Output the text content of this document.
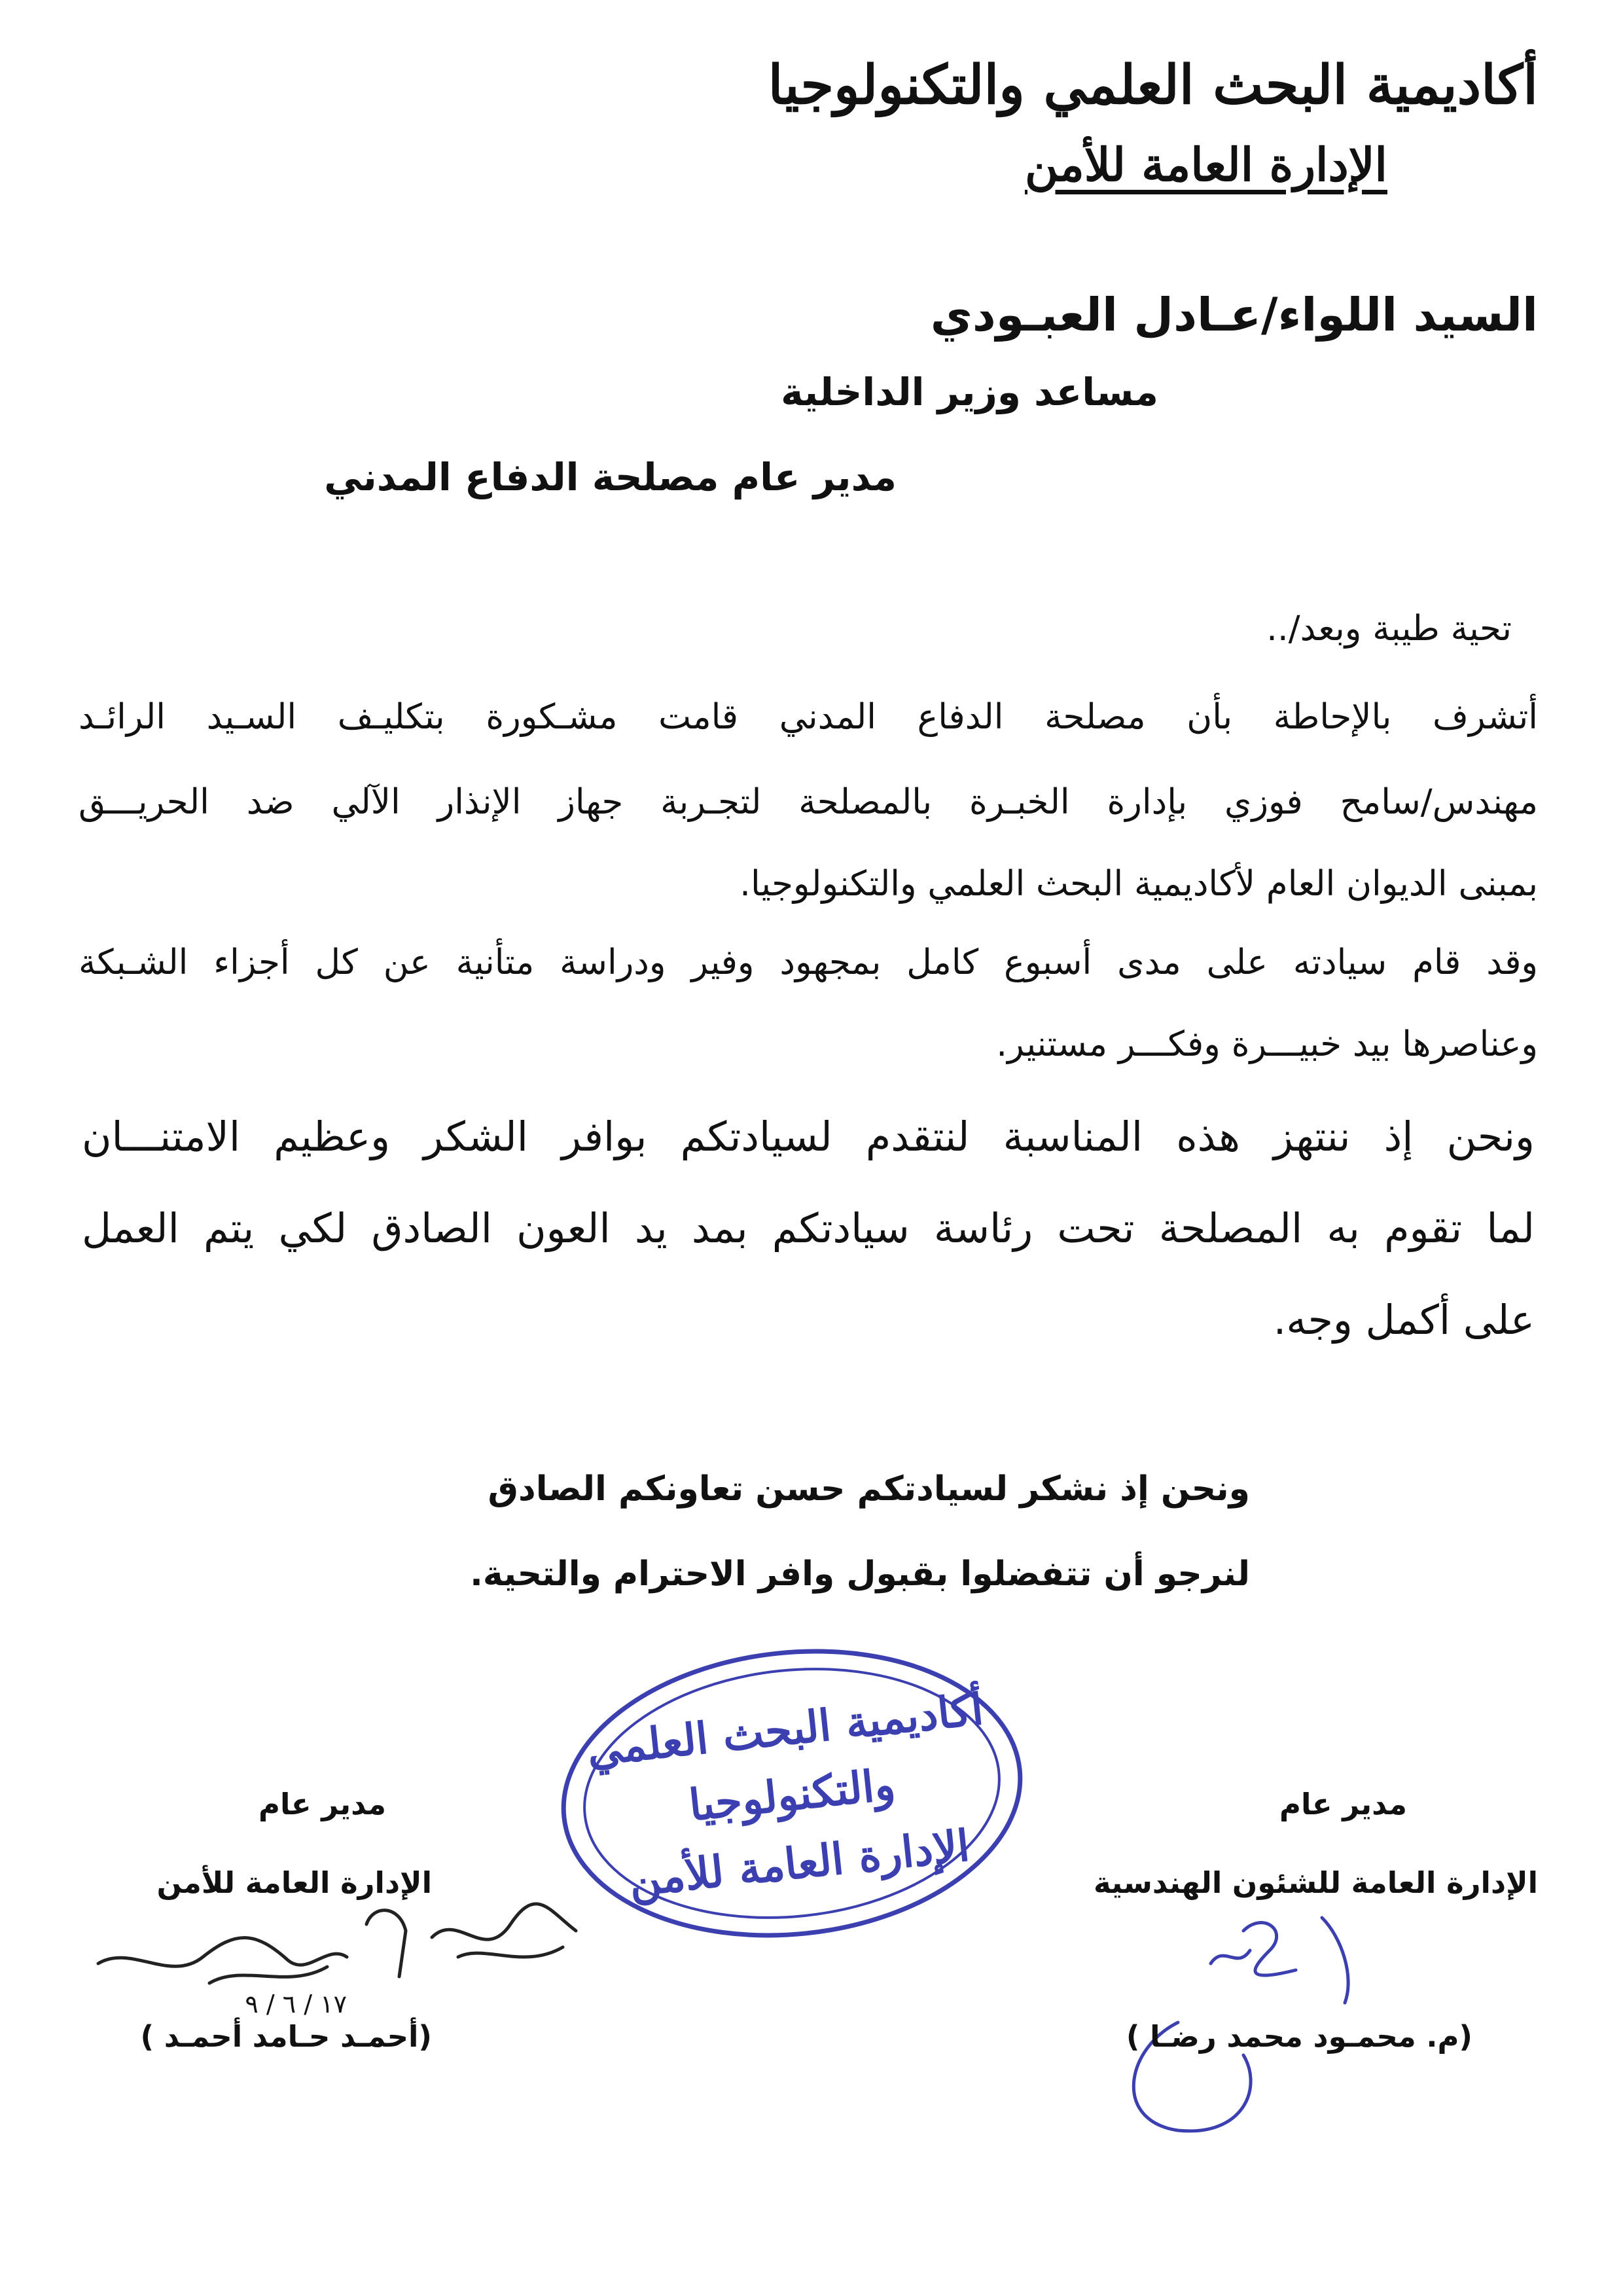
أكاديمية البحث العلمي والتكنولوجيا
الإدارة العامة للأمن
السيد اللواء/عـادل العبـودي
مساعد وزير الداخلية
مدير عام مصلحة الدفاع المدني
تحية طيبة وبعد/..
أتشرف بالإحاطة بأن مصلحة الدفاع المدني قامت مشـكورة بتكليـف السـيد الرائـد
مهندس/سامح فوزي بإدارة الخبـرة بالمصلحة لتجـربة جهاز الإنذار الآلي ضد الحريـــق
بمبنى الديوان العام لأكاديمية البحث العلمي والتكنولوجيا.
وقد قام سيادته على مدى أسبوع كامل بمجهود وفير ودراسة متأنية عن كل أجزاء الشـبكة
وعناصرها بيد خبيـــرة وفكـــر مستنير.
ونحن إذ ننتهز هذه المناسبة لنتقدم لسيادتكم بوافر الشكر وعظيم الامتنـــان
لما تقوم به المصلحة تحت رئاسة سيادتكم بمد يد العون الصادق لكي يتم العمل
على أكمل وجه.
ونحن إذ نشكر لسيادتكم حسن تعاونكم الصادق
لنرجو أن تتفضلوا بقبول وافر الاحترام والتحية.
أكاديمية البحث العلمي
والتكنولوجيا
الإدارة العامة للأمن
مدير عام
الإدارة العامة للأمن
١٧ / ٦ / ٩
(أحمـد حـامد أحمـد )
مدير عام
الإدارة العامة للشئون الهندسية
(م. محمـود محمد رضـا )
